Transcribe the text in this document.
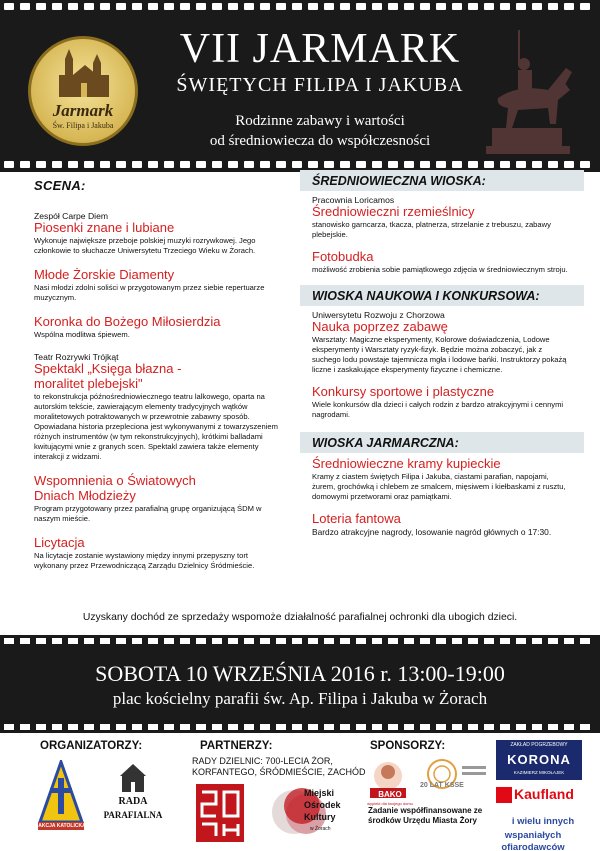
Jarmark
Św. Filipa i Jakuba
VII JARMARK
ŚWIĘTYCH FILIPA I JAKUBA
Rodzinne zabawy i wartości
od średniowiecza do współczesności
SCENA:
Zespół Carpe Diem
Piosenki znane i lubiane
Wykonuje największe przeboje polskiej muzyki rozrywkowej. Jego członkowie to słuchacze Uniwersytetu Trzeciego Wieku w Żorach.
Młode Żorskie Diamenty
Nasi młodzi zdolni soliści w przygotowanym przez siebie repertuarze muzycznym.
Koronka do Bożego Miłosierdzia
Wspólna modlitwa śpiewem.
Teatr Rozrywki Trójkąt
Spektakl „Księga błazna - moralitet plebejski"
to rekonstrukcja późnośredniowiecznego teatru lalkowego, oparta na autorskim tekście, zawierającym elementy tradycyjnych wątków moralitetowych potraktowanych w przewrotnie zabawny sposób. Opowiadana historia przepleciona jest wykonywanymi z towarzyszeniem różnych instrumentów (w tym rekonstrukcyjnych), krótkimi balladami kwitującymi wnie z granych scen. Spektakl zawiera także elementy interakcji z widzami.
Wspomnienia o Światowych Dniach Młodzieży
Program przygotowany przez parafialną grupę organizującą ŚDM w naszym mieście.
Licytacja
Na licytacje zostanie wystawiony między innymi przepyszny tort wykonany przez Przewodniczącą Zarządu Dzielnicy Śródmieście.
ŚREDNIOWIECZNA WIOSKA:
Pracownia Loricamos
Średniowieczni rzemieślnicy
stanowisko garncarza, tkacza, platnerza, strzelanie z trebuszu, zabawy plebejskie.
Fotobudka
możliwość zrobienia sobie pamiątkowego zdjęcia w średniowiecznym stroju.
WIOSKA NAUKOWA I KONKURSOWA:
Uniwersytetu Rozwoju z Chorzowa
Nauka poprzez zabawę
Warsztaty: Magiczne eksperymenty, Kolorowe doświadczenia, Lodowe eksperymenty i Warsztaty ryzyk-fizyk. Będzie można zobaczyć, jak z suchego lodu powstaje tajemnicza mgła i lodowe bańki. Instruktorzy pokażą liczne i zaskakujące eksperymenty fizyczne i chemiczne.
Konkursy sportowe i plastyczne
Wiele konkursów dla dzieci i całych rodzin z bardzo atrakcyjnymi i cennymi nagrodami.
WIOSKA JARMARCZNA:
Średniowieczne kramy kupieckie
Kramy z ciastem świętych Filipa i Jakuba, ciastami parafian, napojami, żurem, grochówką i chlebem ze smalcem, mięsiwem i kiełbaskami z rusztu, domowymi przetworami oraz pamiątkami.
Loteria fantowa
Bardzo atrakcyjne nagrody, losowanie nagród głównych o 17:30.
Uzyskany dochód ze sprzedaży wspomoże działalność parafialnej ochronki dla ubogich dzieci.
SOBOTA 10 WRZEŚNIA 2016 r. 13:00-19:00
plac kościelny parafii św. Ap. Filipa i Jakuba w Żorach
ORGANIZATORZY:	PARTNERZY:	SPONSORZY:
AKCJA KATOLICKA
RADA
PARAFIALNA
RADY DZIELNIC: 700-LECIA ŻOR, KORFANTEGO, ŚRÓDMIEŚCIE, ZACHÓD
Miejski
Ośrodek
Kultury
w Żorach
BAKO
wypiekt dla twojego domu
20 LAT KSSE
ZAKŁAD POGRZEBOWY
KORONA
KAZIMIERZ MIKOŁAJEK
Kaufland
Zadanie współfinansowane ze środków Urzędu Miasta Żory	i wielu innych
wspaniałych ofiarodawców
